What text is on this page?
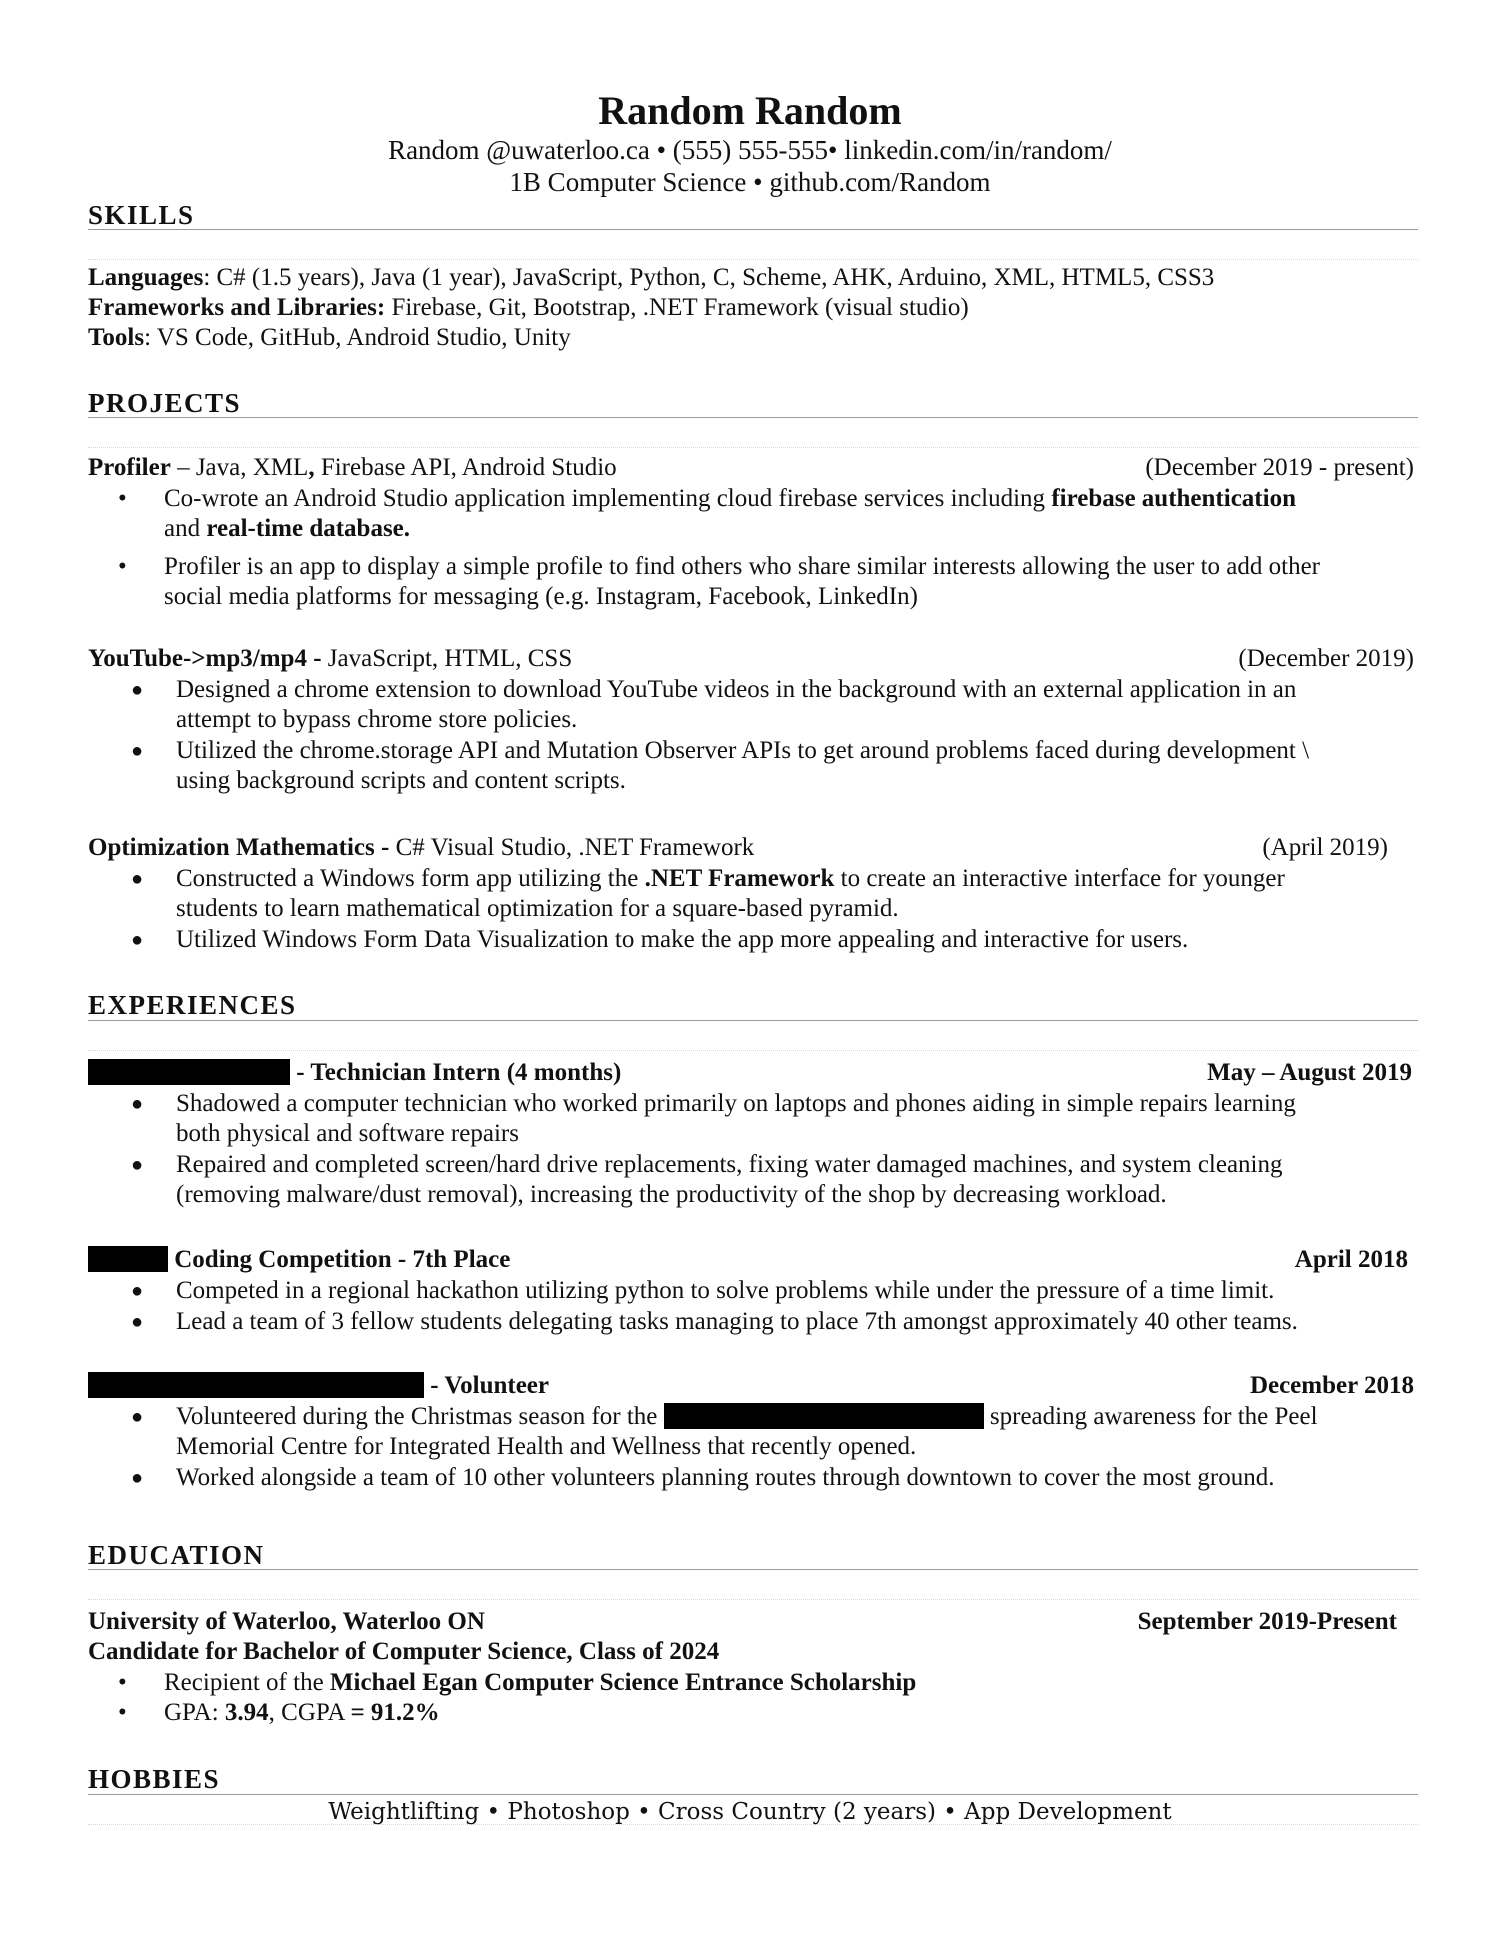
Random Random
Random @uwaterloo.ca • (555) 555-555• linkedin.com/in/random/
1B Computer Science • github.com/Random
SKILLS
Languages: C# (1.5 years), Java (1 year), JavaScript, Python, C, Scheme, AHK, Arduino, XML, HTML5, CSS3
Frameworks and Libraries: Firebase, Git, Bootstrap, .NET Framework (visual studio)
Tools: VS Code, GitHub, Android Studio, Unity
PROJECTS
Profiler – Java, XML, Firebase API, Android Studio	(December 2019 - present)
• Co-wrote an Android Studio application implementing cloud firebase services including firebase authentication
and real-time database.
• Profiler is an app to display a simple profile to find others who share similar interests allowing the user to add other
social media platforms for messaging (e.g. Instagram, Facebook, LinkedIn)
YouTube->mp3/mp4 - JavaScript, HTML, CSS	(December 2019)
● Designed a chrome extension to download YouTube videos in the background with an external application in an
attempt to bypass chrome store policies.
● Utilized the chrome.storage API and Mutation Observer APIs to get around problems faced during development \
using background scripts and content scripts.
Optimization Mathematics - C# Visual Studio, .NET Framework	(April 2019)
● Constructed a Windows form app utilizing the .NET Framework to create an interactive interface for younger
students to learn mathematical optimization for a square-based pyramid.
● Utilized Windows Form Data Visualization to make the app more appealing and interactive for users.
EXPERIENCES
- Technician Intern (4 months)	May – August 2019
● Shadowed a computer technician who worked primarily on laptops and phones aiding in simple repairs learning
both physical and software repairs
● Repaired and completed screen/hard drive replacements, fixing water damaged machines, and system cleaning
(removing malware/dust removal), increasing the productivity of the shop by decreasing workload.
Coding Competition - 7th Place	April 2018
● Competed in a regional hackathon utilizing python to solve problems while under the pressure of a time limit.
● Lead a team of 3 fellow students delegating tasks managing to place 7th amongst approximately 40 other teams.
- Volunteer	December 2018
● Volunteered during the Christmas season for the	spreading awareness for the Peel
Memorial Centre for Integrated Health and Wellness that recently opened.
● Worked alongside a team of 10 other volunteers planning routes through downtown to cover the most ground.
EDUCATION
University of Waterloo, Waterloo ON	September 2019-Present
Candidate for Bachelor of Computer Science, Class of 2024
• Recipient of the Michael Egan Computer Science Entrance Scholarship
• GPA: 3.94, CGPA = 91.2%
HOBBIES
Weightlifting • Photoshop • Cross Country (2 years) • App Development
